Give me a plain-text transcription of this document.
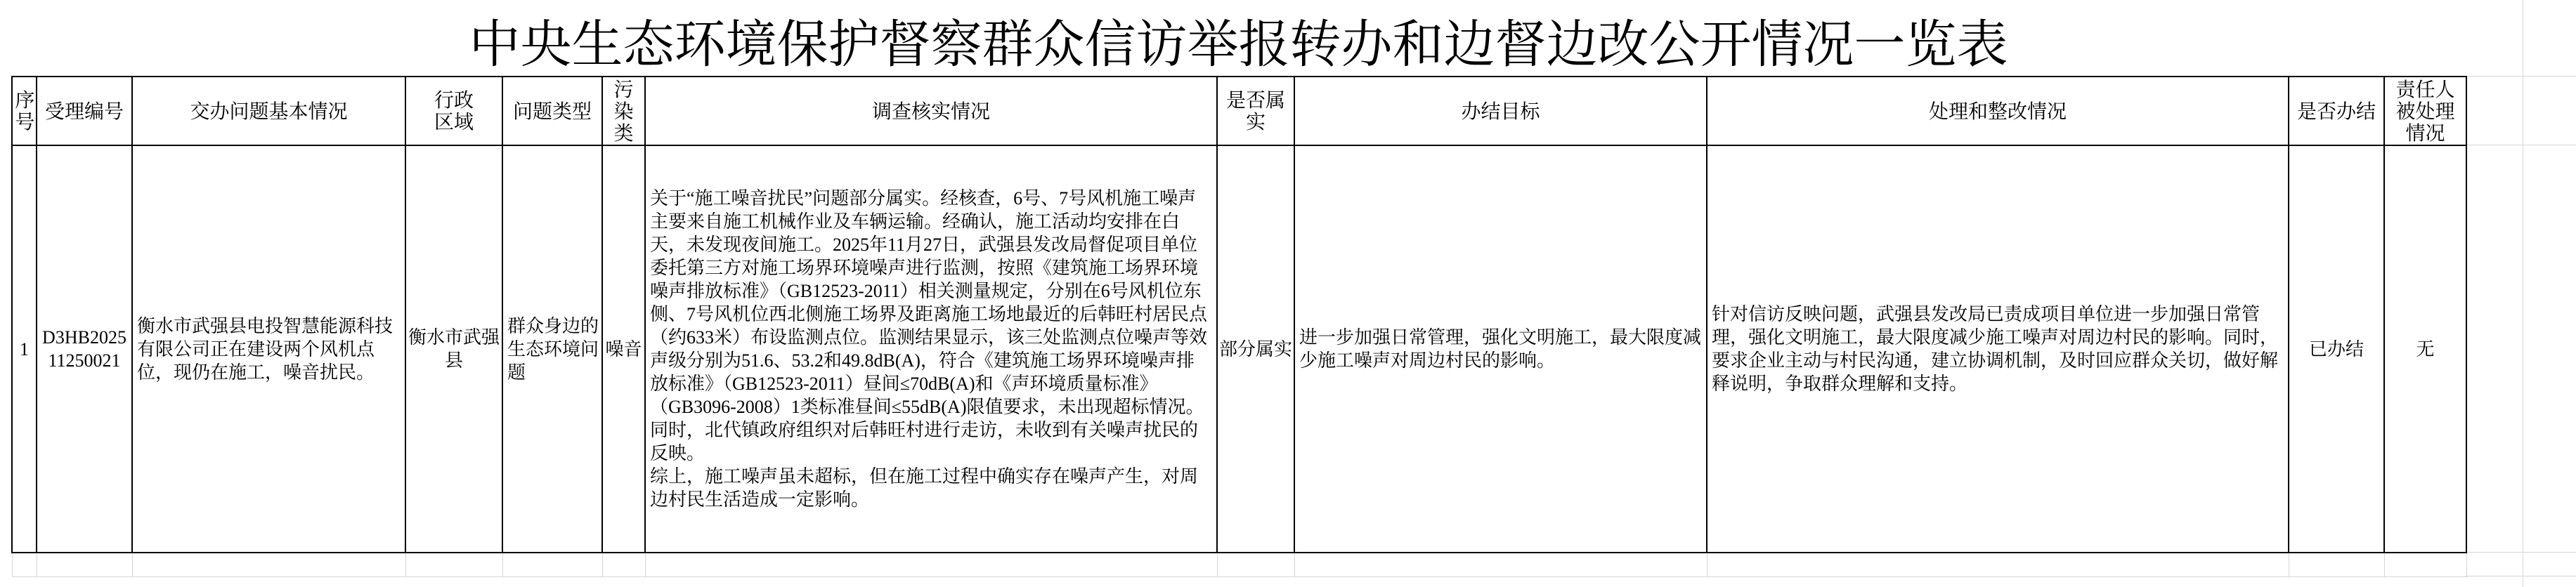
中央生态环境保护督察群众信访举报转办和边督边改公开情况一览表
序号	受理编号	交办问题基本情况	行政区域	问题类型	污染类	调查核实情况	是否属实	办结目标	处理和整改情况	是否办结	责任人被处理情况
1	D3HB202511250021	衡水市武强县电投智慧能源科技有限公司正在建设两个风机点位，现仍在施工，噪音扰民。	衡水市武强县	群众身边的生态环境问题	噪音	关于“施工噪音扰民”问题部分属实。经核查，6号、7号风机施工噪声主要来自施工机械作业及车辆运输。经确认，施工活动均安排在白天，未发现夜间施工。2025年11月27日，武强县发改局督促项目单位委托第三方对施工场界环境噪声进行监测，按照《建筑施工场界环境噪声排放标准》（GB12523-2011）相关测量规定，分别在6号风机位东侧、7号风机位西北侧施工场界及距离施工场地最近的后韩旺村居民点（约633米）布设监测点位。监测结果显示，该三处监测点位噪声等效声级分别为51.6、53.2和49.8dB(A)，符合《建筑施工场界环境噪声排放标准》（GB12523-2011）昼间≤70dB(A)和《声环境质量标准》（GB3096-2008）1类标准昼间≤55dB(A)限值要求，未出现超标情况。同时，北代镇政府组织对后韩旺村进行走访，未收到有关噪声扰民的反映。
综上，施工噪声虽未超标，但在施工过程中确实存在噪声产生，对周边村民生活造成一定影响。	部分属实	进一步加强日常管理，强化文明施工，最大限度减少施工噪声对周边村民的影响。	针对信访反映问题，武强县发改局已责成项目单位进一步加强日常管理，强化文明施工，最大限度减少施工噪声对周边村民的影响。同时，要求企业主动与村民沟通，建立协调机制，及时回应群众关切，做好解释说明，争取群众理解和支持。	已办结	无
